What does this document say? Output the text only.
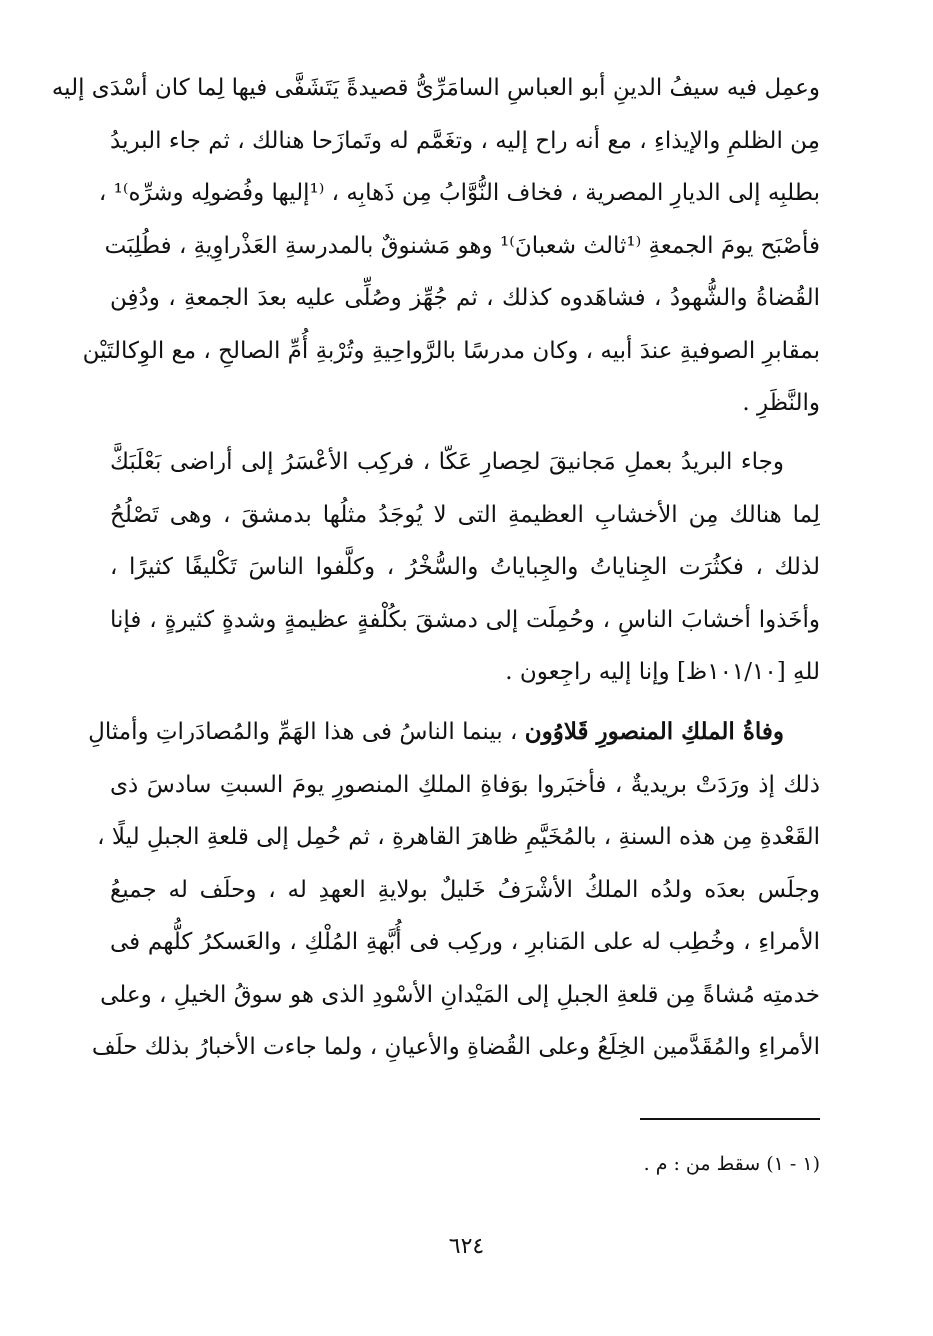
وعمِل فيه سيفُ الدينِ أبو العباسِ السامَرِّىُّ قصيدةً يَتَشَفَّى فيها لِما كان أسْدَى إليه
مِن الظلمِ والإيذاءِ ، مع أنه راح إليه ، وتغَمَّم له وتَمازَحا هنالك ، ثم جاء البريدُ
بطلبِه إلى الديارِ المصرية ، فخاف النُّوَّابُ مِن ذَهابِه ، ⁽¹إليها وفُضولِه وشرِّه⁾¹ ،
فأصْبَح يومَ الجمعةِ ⁽¹ثالث شعبانَ⁾¹ وهو مَشنوقٌ بالمدرسةِ العَذْراوِيةِ ، فطُلِبَت
القُضاةُ والشُّهودُ ، فشاهَدوه كذلك ، ثم جُهِّز وصُلِّى عليه بعدَ الجمعةِ ، ودُفِن
بمقابرِ الصوفيةِ عندَ أبيه ، وكان مدرسًا بالرَّواحِيةِ وتُرْبةِ أُمِّ الصالحِ ، مع الوِكالتَيْن
والنَّظَرِ .
وجاء البريدُ بعملِ مَجانيقَ لحِصارِ عَكّا ، فركِب الأعْسَرُ إلى أراضى بَعْلَبَكَّ
لِما هنالك مِن الأخشابِ العظيمةِ التى لا يُوجَدُ مثلُها بدمشقَ ، وهى تَصْلُحُ
لذلك ، فكثُرَت الجِناياتُ والجِباياتُ والسُّخْرُ ، وكلَّفوا الناسَ تَكْليفًا كثيرًا ،
وأخَذوا أخشابَ الناسِ ، وحُمِلَت إلى دمشقَ بكُلْفةٍ عظيمةٍ وشدةٍ كثيرةٍ ، فإنا
للهِ [١٠١/١٠ظ] وإنا إليه راجِعون .
وفاةُ الملكِ المنصورِ قَلاوُون ، بينما الناسُ فى هذا الهَمِّ والمُصادَراتِ وأمثالِ
ذلك إذ ورَدَتْ بريديةٌ ، فأخبَروا بوَفاةِ الملكِ المنصورِ يومَ السبتِ سادسَ ذى
القَعْدةِ مِن هذه السنةِ ، بالمُخَيَّمِ ظاهرَ القاهرةِ ، ثم حُمِل إلى قلعةِ الجبلِ ليلًا ،
وجلَس بعدَه ولدُه الملكُ الأشْرَفُ خَليلٌ بولايةِ العهدِ له ، وحلَف له جميعُ
الأمراءِ ، وخُطِب له على المَنابرِ ، وركِب فى أُبَّهةِ المُلْكِ ، والعَسكرُ كلُّهم فى
خدمتِه مُشاةً مِن قلعةِ الجبلِ إلى المَيْدانِ الأسْودِ الذى هو سوقُ الخيلِ ، وعلى
الأمراءِ والمُقَدَّمين الخِلَعُ وعلى القُضاةِ والأعيانِ ، ولما جاءت الأخبارُ بذلك حلَف
(١ - ١) سقط من : م .
٦٢٤
